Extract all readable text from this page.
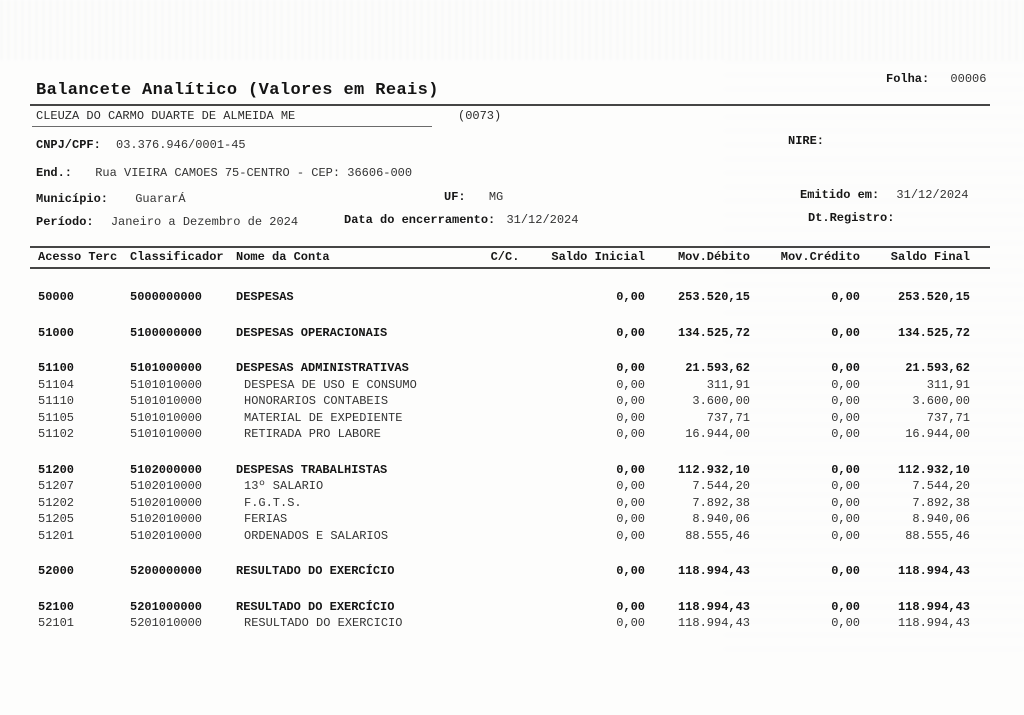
Folha: 00006
Balancete Analítico (Valores em Reais)
CLEUZA DO CARMO DUARTE DE ALMEIDA ME	(0073)
CNPJ/CPF: 03.376.946/0001-45	NIRE:
End.: Rua VIEIRA CAMOES 75-CENTRO - CEP: 36606-000
Município: GuararÁ	UF: MG	Emitido em: 31/12/2024
Período: Janeiro a Dezembro de 2024	Data do encerramento: 31/12/2024	Dt.Registro:
Acesso Terc	Classificador	Nome da Conta	C/C.	Saldo Inicial	Mov.Débito	Mov.Crédito	Saldo Final
50000	5000000000	DESPESAS	0,00	253.520,15	0,00	253.520,15
51000	5100000000	DESPESAS OPERACIONAIS	0,00	134.525,72	0,00	134.525,72
51100	5101000000	DESPESAS ADMINISTRATIVAS	0,00	21.593,62	0,00	21.593,62
51104	5101010000	DESPESA DE USO E CONSUMO	0,00	311,91	0,00	311,91
51110	5101010000	HONORARIOS CONTABEIS	0,00	3.600,00	0,00	3.600,00
51105	5101010000	MATERIAL DE EXPEDIENTE	0,00	737,71	0,00	737,71
51102	5101010000	RETIRADA PRO LABORE	0,00	16.944,00	0,00	16.944,00
51200	5102000000	DESPESAS TRABALHISTAS	0,00	112.932,10	0,00	112.932,10
51207	5102010000	13º SALARIO	0,00	7.544,20	0,00	7.544,20
51202	5102010000	F.G.T.S.	0,00	7.892,38	0,00	7.892,38
51205	5102010000	FERIAS	0,00	8.940,06	0,00	8.940,06
51201	5102010000	ORDENADOS E SALARIOS	0,00	88.555,46	0,00	88.555,46
52000	5200000000	RESULTADO DO EXERCÍCIO	0,00	118.994,43	0,00	118.994,43
52100	5201000000	RESULTADO DO EXERCÍCIO	0,00	118.994,43	0,00	118.994,43
52101	5201010000	RESULTADO DO EXERCICIO	0,00	118.994,43	0,00	118.994,43
